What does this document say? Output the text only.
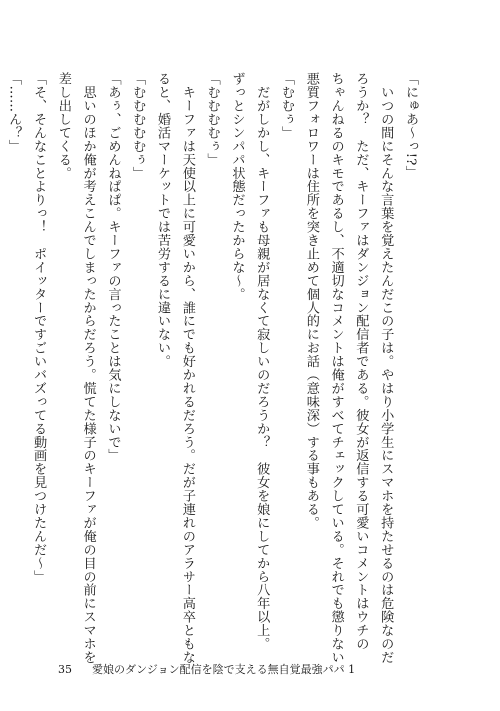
「にゅあ〜っ!?」

　いつの間にそんな言葉を覚えたんだこの子は。やはり小学生にスマホを持たせるのは危険なのだ

ろうか？　ただ、キーファはダンジョン配信者である。彼女が返信する可愛いコメントはウチの

ちゃんねるのキモであるし、不適切なコメントは俺がすべてチェックしている。それでも懲りない

悪質フォロワーは住所を突き止めて個人的にお話（意味深）する事もある。

「むむぅ」

　だがしかし、キーファも母親が居なくて寂しいのだろうか？　彼女を娘にしてから八年以上。

ずっとシンパパ状態だったからな〜。

「むむむむぅ」

　キーファは天使以上に可愛いから、誰にでも好かれるだろう。だが子連れのアラサー高卒ともな

ると、婚活マーケットでは苦労するに違いない。

「むむむむむぅ」

「あぅ、ごめんねぱぱ。キーファの言ったことは気にしないで」

　思いのほか俺が考えこんでしまったからだろう。慌てた様子のキーファが俺の目の前にスマホを

差し出してくる。

「そ、そんなことよりっ！　ポイッターですごいバズってる動画を見つけたんだ〜」

「……ん？」

35 愛娘のダンジョン配信を陰で支える無自覚最強パパ 1
